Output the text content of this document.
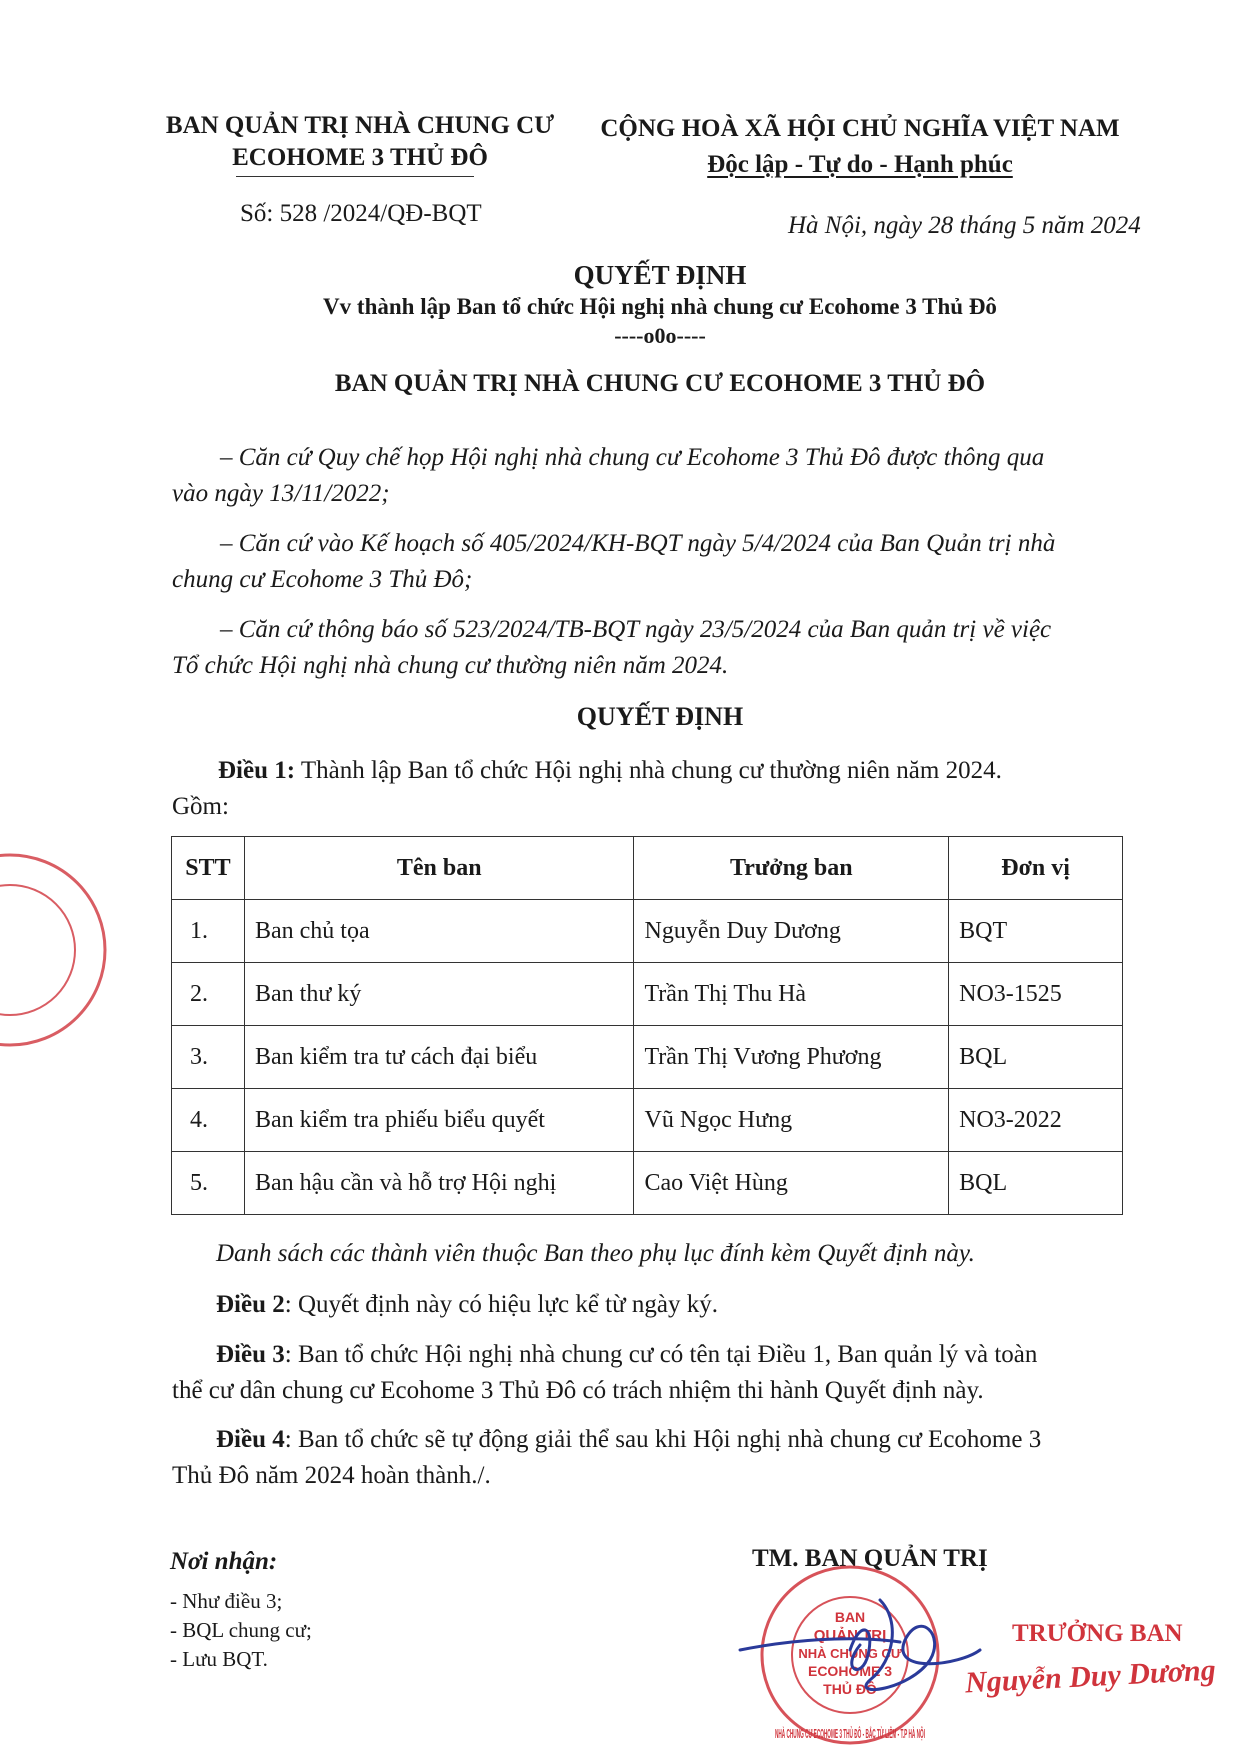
BAN QUẢN TRỊ NHÀ CHUNG CƯ
ECOHOME 3 THỦ ĐÔ
Số: 528 /2024/QĐ-BQT
CỘNG HOÀ XÃ HỘI CHỦ NGHĨA VIỆT NAM
Độc lập - Tự do - Hạnh phúc
Hà Nội, ngày 28 tháng 5 năm 2024
QUYẾT ĐỊNH
Vv thành lập Ban tổ chức Hội nghị nhà chung cư Ecohome 3 Thủ Đô
----o0o----
BAN QUẢN TRỊ NHÀ CHUNG CƯ ECOHOME 3 THỦ ĐÔ
– Căn cứ Quy chế họp Hội nghị nhà chung cư Ecohome 3 Thủ Đô được thông qua
vào ngày 13/11/2022;
– Căn cứ vào Kế hoạch số 405/2024/KH-BQT ngày 5/4/2024 của Ban Quản trị nhà
chung cư Ecohome 3 Thủ Đô;
– Căn cứ thông báo số 523/2024/TB-BQT ngày 23/5/2024 của Ban quản trị về việc
Tổ chức Hội nghị nhà chung cư thường niên năm 2024.
QUYẾT ĐỊNH
Điều 1: Thành lập Ban tổ chức Hội nghị nhà chung cư thường niên năm 2024.
Gồm:
STT	Tên ban	Trưởng ban	Đơn vị
1.	Ban chủ tọa	Nguyễn Duy Dương	BQT
2.	Ban thư ký	Trần Thị Thu Hà	NO3-1525
3.	Ban kiểm tra tư cách đại biểu	Trần Thị Vương Phương	BQL
4.	Ban kiểm tra phiếu biểu quyết	Vũ Ngọc Hưng	NO3-2022
5.	Ban hậu cần và hỗ trợ Hội nghị	Cao Việt Hùng	BQL
Danh sách các thành viên thuộc Ban theo phụ lục đính kèm Quyết định này.
Điều 2: Quyết định này có hiệu lực kể từ ngày ký.
Điều 3: Ban tổ chức Hội nghị nhà chung cư có tên tại Điều 1, Ban quản lý và toàn
thể cư dân chung cư Ecohome 3 Thủ Đô có trách nhiệm thi hành Quyết định này.
Điều 4: Ban tổ chức sẽ tự động giải thể sau khi Hội nghị nhà chung cư Ecohome 3
Thủ Đô năm 2024 hoàn thành./.
Nơi nhận:
- Như điều 3;
- BQL chung cư;
- Lưu BQT.
TM. BAN QUẢN TRỊ
BAN
QUẢN TRỊ
NHÀ CHUNG CƯ
ECOHOME 3
THỦ ĐÔ
NHÀ CHUNG CƯ ECOHOME 3 THỦ ĐÔ - BẮC TỪ LIÊM - T.P HÀ NỘI
TRƯỞNG BAN
Nguyễn Duy Dương
